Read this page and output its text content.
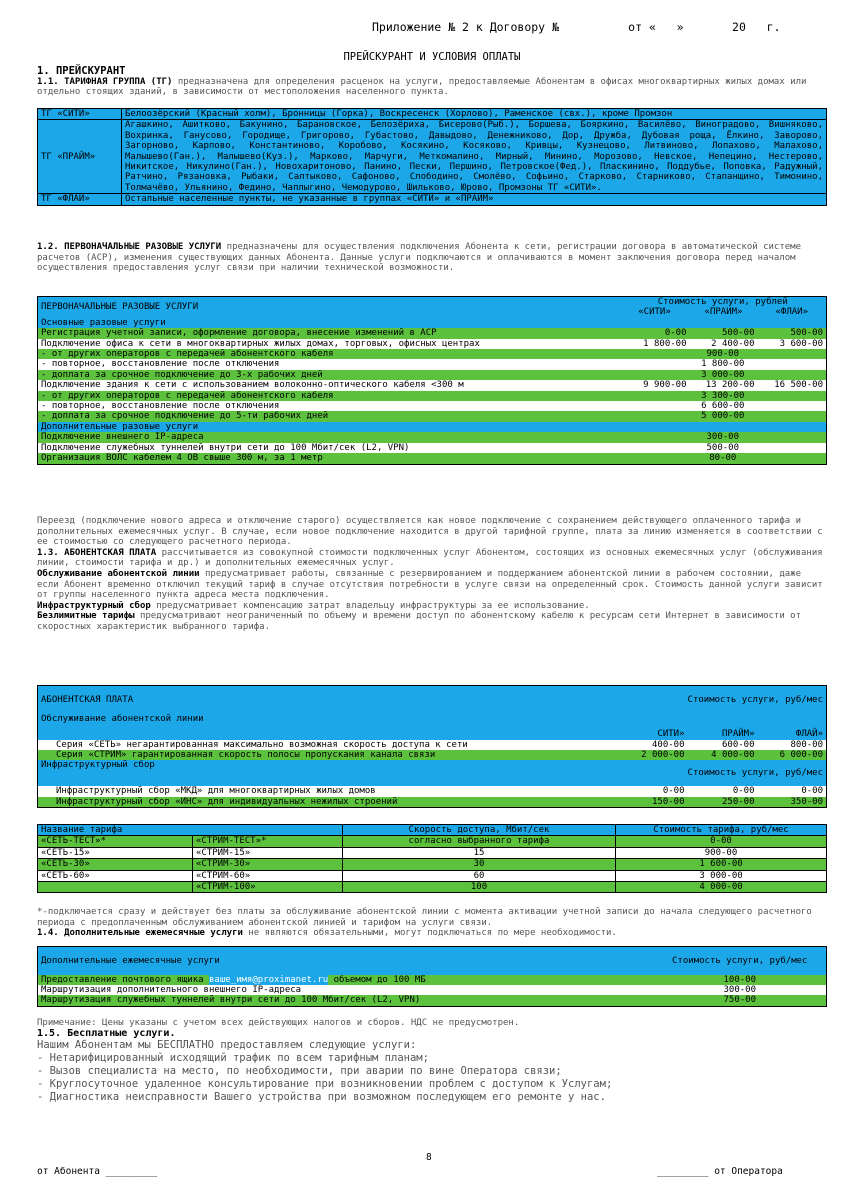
Приложение № 2 к Договору №          от «   »       20   г.
ПРЕЙСКУРАНТ И УСЛОВИЯ ОПЛАТЫ
1. ПРЕЙСКУРАНТ
1.1. ТАРИФНАЯ ГРУППА (ТГ) предназначена для определения расценок на услуги, предоставляемые Абонентам в офисах многоквартирных жилых домах или отдельно стоящих зданий, в зависимости от местоположения населенного пункта.
ТГ «СИТИ»	Белоозёрский (Красный холм), Бронницы (Горка), Воскресенск (Хорлово), Раменское (свх.), кроме Промзон
ТГ «ПРАЙМ»	Агашкино, Ашитково, Бакунино, Барановское, Белозёриха, Бисерово(Рыб.), Боршева, Бояркино, Василёво, Виноградово, Вишняково, Вохринка, Ганусово, Городище, Григорово, Губастово, Давыдово, Денежниково, Дор, Дружба, Дубовая роща, Ёлкино, Заворово, Загорново, Карпово, Константиново, Коробово, Косякино, Косяково, Кривцы, Кузнецово, Литвиново, Лопахово, Малахово, Малышево(Ган.), Малышево(Куз.), Марково, Марчуги, Меткомалино, Мирный, Минино, Морозово, Невское, Непецино, Нестерово, Никитское, Никулино(Ган.), Новохаритоново, Панино, Пески, Першино, Петровское(Фед.), Пласкинино, Поддубье, Поповка, Радужный, Ратчино, Рязановка, Рыбаки, Салтыково, Сафоново, Слободино, Смолёво, Софьино, Старково, Старниково, Стапанщино, Тимонино, Толмачёво, Ульянино, Федино, Чаплыгино, Чемодурово, Шильково, Юрово, Промзоны ТГ «СИТИ».
ТГ «ФЛАЙ»	Остальные населенные пункты, не указанные в группах «СИТИ» и «ПРАЙМ»
1.2. ПЕРВОНАЧАЛЬНЫЕ РАЗОВЫЕ УСЛУГИ предназначены для осуществления подключения Абонента к сети, регистрации договора в автоматической системе расчетов (АСР), изменения существующих данных Абонента. Данные услуги подключаются и оплачиваются в момент заключения договора перед началом осуществления предоставления услуг связи при наличии технической возможности.
ПЕРВОНАЧАЛЬНЫЕ РАЗОВЫЕ УСЛУГИ	Стоимость услуги, рублей		
	«СИТИ»	«ПРАЙМ»	«ФЛАЙ»
Основные разовые услуги			
Регистрация учетной записи, оформление договора, внесение изменений в АСР	0-00	500-00	500-00
Подключение офиса к сети в многоквартирных жилых домах, торговых, офисных центрах	1 800-00	2 400-00	3 600-00
- от других операторов с передачей абонентского кабеля	900-00		
- повторное, восстановление после отключения	1 800-00		
- доплата за срочное подключение до 3-х рабочих дней	3 000-00		
Подключение здания к сети с использованием волоконно-оптического кабеля <300 м	9 900-00	13 200-00	16 500-00
- от других операторов с передачей абонентского кабеля	3 300-00		
- повторное, восстановление после отключения	6 600-00		
- доплата за срочное подключение до 5-ти рабочих дней	5 000-00		
Дополнительные разовые услуги			
Подключение внешнего IP-адреса	300-00		
Подключение служебных туннелей внутри сети до 100 Мбит/сек (L2, VPN)	500-00		
Организация ВОЛС кабелем 4 ОВ свыше 300 м, за 1 метр	80-00		
Переезд (подключение нового адреса и отключение старого) осуществляется как новое подключение с сохранением действующего оплаченного тарифа и дополнительных ежемесячных услуг. В случае, если новое подключение находится в другой тарифной группе, плата за линию изменяется в соответствии с ее стоимостью со следующего расчетного периода.
1.3. АБОНЕНТСКАЯ ПЛАТА рассчитывается из совокупной стоимости подключенных услуг Абонентом, состоящих из основных ежемесячных услуг (обслуживания линии, стоимости тарифа и др.) и дополнительных ежемесячных услуг.
Обслуживание абонентской линии предусматривает работы, связанные с резервированием и поддержанием абонентской линии в рабочем состоянии, даже если Абонент временно отключил текущий тариф в случае отсутствия потребности в услуге связи на определенный срок. Стоимость данной услуги зависит от группы населенного пункта адреса места подключения.
Инфраструктурный сбор предусматривает компенсацию затрат владельцу инфраструктуры за ее использование.
Безлимитные тарифы предусматривают неограниченный по объему и времени доступ по абонентскому кабелю к ресурсам сети Интернет в зависимости от скоростных характеристик выбранного тарифа.
АБОНЕНТСКАЯ ПЛАТА	Стоимость услуги, руб/мес		
Обслуживание абонентской линии	СИТИ»	ПРАЙМ»	ФЛАЙ»
Серия «СЕТЬ» негарантированная максимально возможная скорость доступа к сети	400-00	600-00	800-00
Серия «СТРИМ» гарантированная скорость полосы пропускания канала связи	2 000-00	4 000-00	6 000-00
Инфраструктурный сбор	Стоимость услуги, руб/мес		
Инфраструктурный сбор «МКД» для многоквартирных жилых домов	0-00	0-00	0-00
Инфраструктурный сбор «ИНС» для индивидуальных нежилых строений	150-00	250-00	350-00
Название тарифа		Скорость доступа, Мбит/сек	Стоимость тарифа, руб/мес
«СЕТЬ-ТЕСТ»*	«СТРИМ-ТЕСТ»*	согласно выбранного тарифа	0-00
«СЕТЬ-15»	«СТРИМ-15»	15	900-00
«СЕТЬ-30»	«СТРИМ-30»	30	1 600-00
«СЕТЬ-60»	«СТРИМ-60»	60	3 000-00
	«СТРИМ-100»	100	4 000-00
*-подключается сразу и действует без платы за обслуживание абонентской линии с момента активации учетной записи до начала следующего расчетного периода с предоплаченным обслуживанием абонентской линией и тарифом на услуги связи.
1.4. Дополнительные ежемесячные услуги не являются обязательными, могут подключаться по мере необходимости.
Дополнительные ежемесячные услуги	Стоимость услуги, руб/мес
Предоставление почтового ящика ваше_имя@proximanet.ru объемом до 100 МБ	100-00
Маршрутизация дополнительного внешнего IP-адреса	300-00
Маршрутизация служебных туннелей внутри сети до 100 Мбит/сек (L2, VPN)	750-00
Примечание: Цены указаны с учетом всех действующих налогов и сборов. НДС не предусмотрен.
1.5. Бесплатные услуги.
Нашим Абонентам мы БЕСПЛАТНО предоставляем следующие услуги:
- Нетарифицированный исходящий трафик по всем тарифным планам;
- Вызов специалиста на место, по необходимости, при аварии по вине Оператора связи;
- Круглосуточное удаленное консультирование при возникновении проблем с доступом к Услугам;
- Диагностика неисправности Вашего устройства при возможном последующем его ремонте у нас.
8
от Абонента _________	_________ от Оператора
